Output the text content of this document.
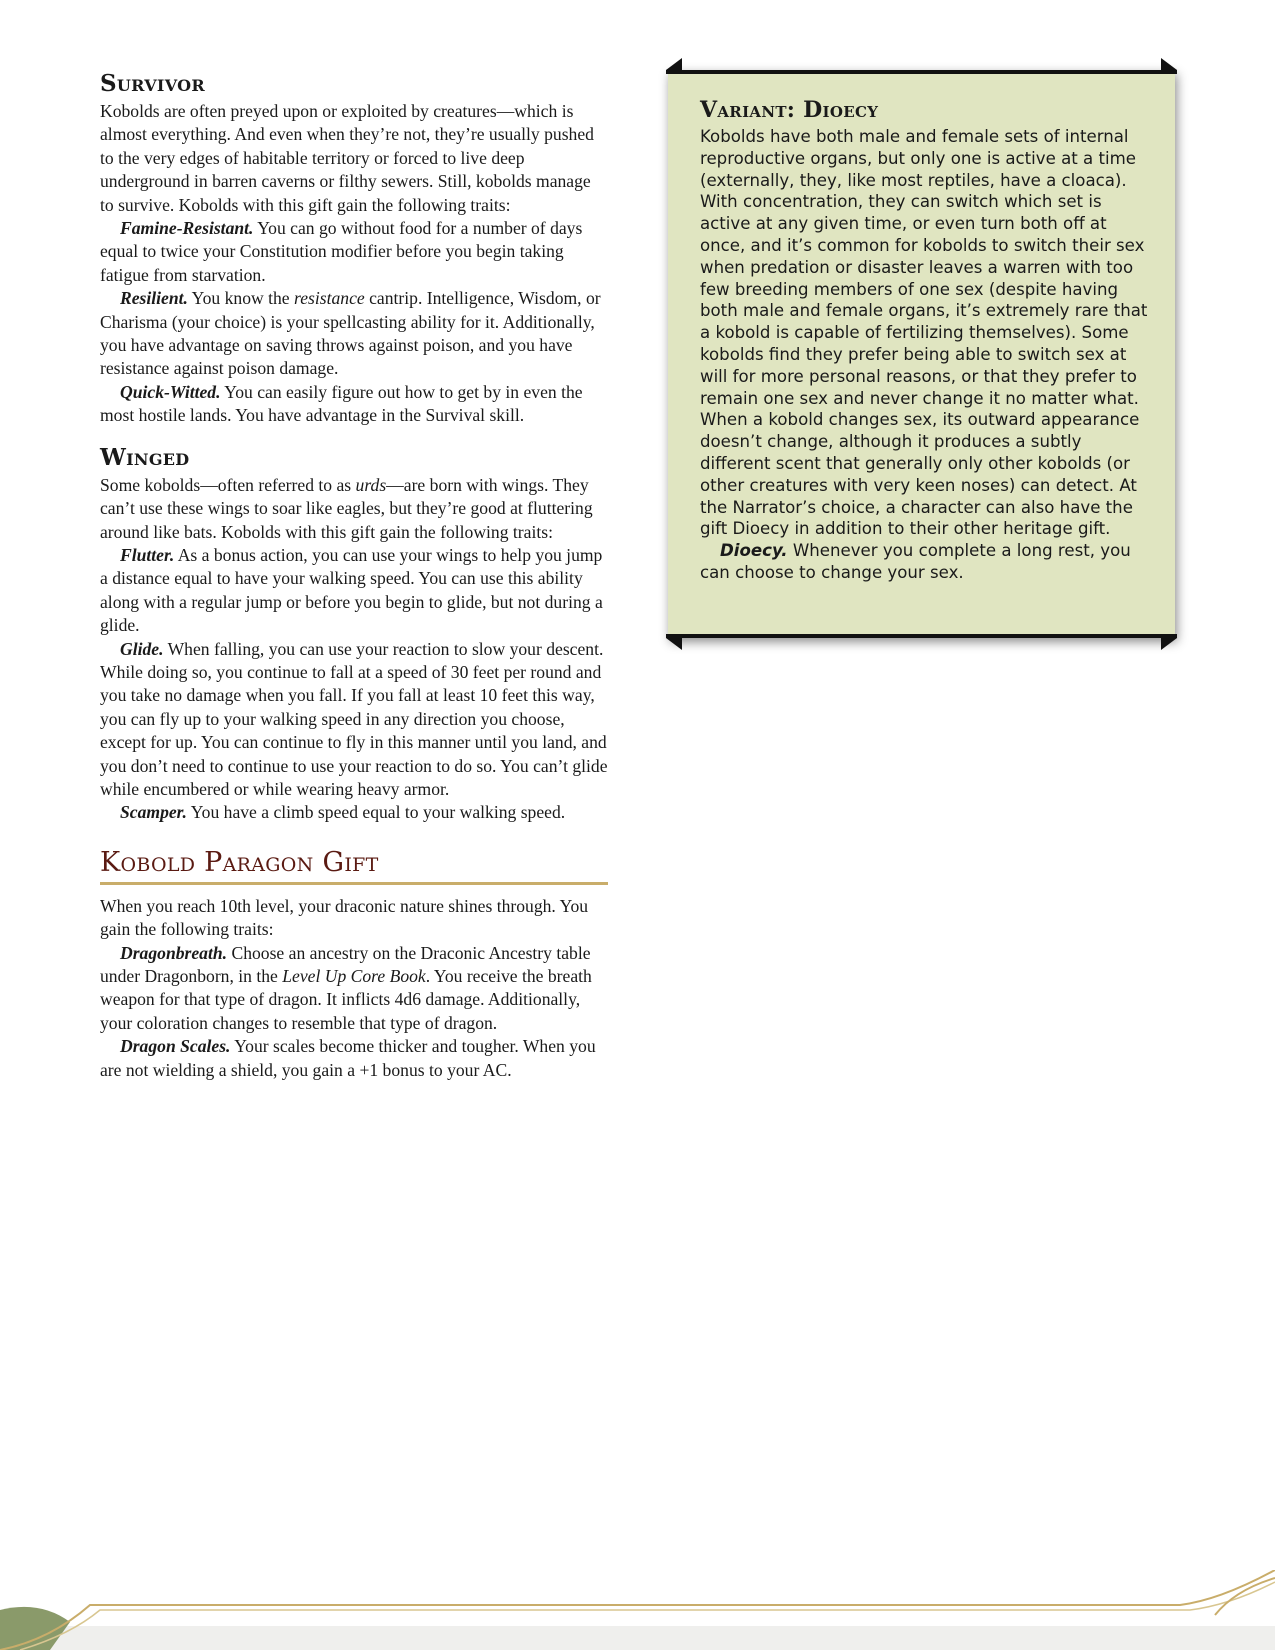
Survivor

Kobolds are often preyed upon or exploited by creatures—which is almost everything. And even when they’re not, they’re usually pushed to the very edges of habitable territory or forced to live deep underground in barren caverns or filthy sewers. Still, kobolds manage to survive. Kobolds with this gift gain the following traits:

Famine-Resistant. You can go without food for a number of days equal to twice your Constitution modifier before you begin taking fatigue from starvation.

Resilient. You know the resistance cantrip. Intelligence, Wisdom, or Charisma (your choice) is your spellcasting ability for it. Additionally, you have advantage on saving throws against poison, and you have resistance against poison damage.

Quick-Witted. You can easily figure out how to get by in even the most hostile lands. You have advantage in the Survival skill.

Winged

Some kobolds—often referred to as urds—are born with wings. They can’t use these wings to soar like eagles, but they’re good at fluttering around like bats. Kobolds with this gift gain the following traits:

Flutter. As a bonus action, you can use your wings to help you jump a distance equal to have your walking speed. You can use this ability along with a regular jump or before you begin to glide, but not during a glide.

Glide. When falling, you can use your reaction to slow your descent. While doing so, you continue to fall at a speed of 30 feet per round and you take no damage when you fall. If you fall at least 10 feet this way, you can fly up to your walking speed in any direction you choose, except for up. You can continue to fly in this manner until you land, and you don’t need to continue to use your reaction to do so. You can’t glide while encumbered or while wearing heavy armor.

Scamper. You have a climb speed equal to your walking speed.

Kobold Paragon Gift

When you reach 10th level, your draconic nature shines through. You gain the following traits:

Dragonbreath. Choose an ancestry on the Draconic Ancestry table under Dragonborn, in the Level Up Core Book. You receive the breath weapon for that type of dragon. It inflicts 4d6 damage. Additionally, your coloration changes to resemble that type of dragon.

Dragon Scales. Your scales become thicker and tougher. When you are not wielding a shield, you gain a +1 bonus to your AC.

Variant: Dioecy

Kobolds have both male and female sets of internal reproductive organs, but only one is active at a time (externally, they, like most reptiles, have a cloaca). With concentration, they can switch which set is active at any given time, or even turn both off at once, and it’s common for kobolds to switch their sex when predation or disaster leaves a warren with too few breeding members of one sex (despite having both male and female organs, it’s extremely rare that a kobold is capable of fertilizing themselves). Some kobolds find they prefer being able to switch sex at will for more personal reasons, or that they prefer to remain one sex and never change it no matter what. When a kobold changes sex, its outward appearance doesn’t change, although it produces a subtly different scent that generally only other kobolds (or other creatures with very keen noses) can detect. At the Narrator’s choice, a character can also have the gift Dioecy in addition to their other heritage gift.

Dioecy. Whenever you complete a long rest, you can choose to change your sex.
